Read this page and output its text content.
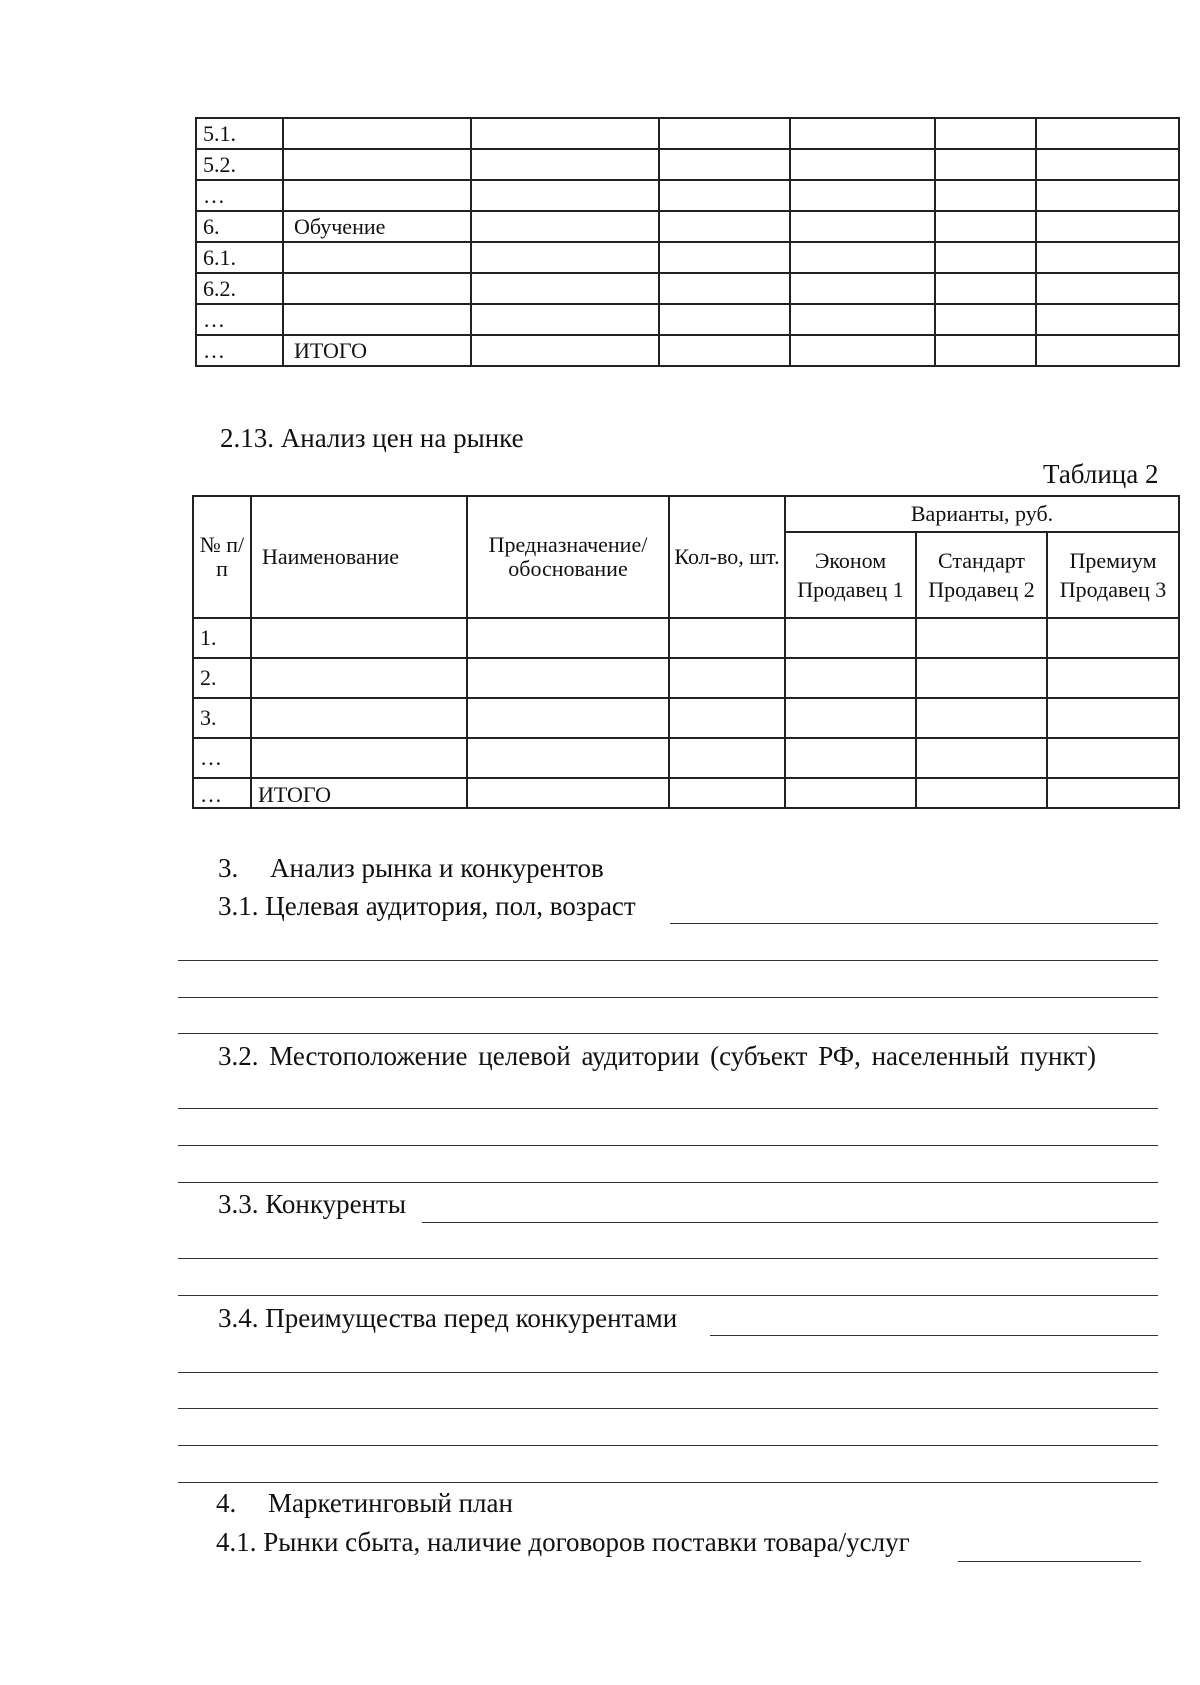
5.1.						
5.2.						
…						
6.	Обучение					
6.1.						
6.2.						
…						
…	ИТОГО					
2.13. Анализ цен на рынке
Таблица 2
№ п/п	Наименование	Предназначение/ обоснование	Кол-во, шт.	Варианты, руб.		
				Эконом Продавец 1	Стандарт Продавец 2	Премиум Продавец 3
1.						
2.						
3.						
…						
…	ИТОГО					
3. Анализ рынка и конкурентов
3.1. Целевая аудитория, пол, возраст
3.2. Местоположение целевой аудитории (субъект РФ, населенный пункт)
3.3. Конкуренты
3.4. Преимущества перед конкурентами
4. Маркетинговый план
4.1. Рынки сбыта, наличие договоров поставки товара/услуг
